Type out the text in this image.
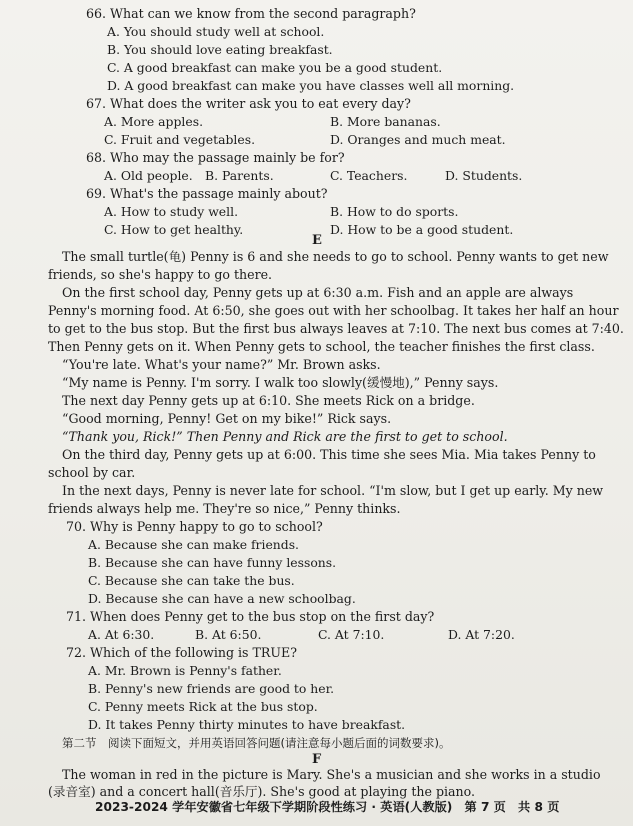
66. What can we know from the second paragraph?
A. You should study well at school.
B. You should love eating breakfast.
C. A good breakfast can make you be a good student.
D. A good breakfast can make you have classes well all morning.
67. What does the writer ask you to eat every day?
A. More apples.	B. More bananas.
C. Fruit and vegetables.	D. Oranges and much meat.
68. Who may the passage mainly be for?
A. Old people. B. Parents.	C. Teachers.	D. Students.
69. What's the passage mainly about?
A. How to study well.	B. How to do sports.
C. How to get healthy.	D. How to be a good student.
E
The small turtle(龟) Penny is 6 and she needs to go to school. Penny wants to get new
friends, so she's happy to go there.
On the first school day, Penny gets up at 6:30 a.m. Fish and an apple are always
Penny's morning food. At 6:50, she goes out with her schoolbag. It takes her half an hour
to get to the bus stop. But the first bus always leaves at 7:10. The next bus comes at 7:40.
Then Penny gets on it. When Penny gets to school, the teacher finishes the first class.
“You're late. What's your name?” Mr. Brown asks.
“My name is Penny. I'm sorry. I walk too slowly(缓慢地),” Penny says.
The next day Penny gets up at 6:10. She meets Rick on a bridge.
“Good morning, Penny! Get on my bike!” Rick says.
“Thank you, Rick!” Then Penny and Rick are the first to get to school.
On the third day, Penny gets up at 6:00. This time she sees Mia. Mia takes Penny to
school by car.
In the next days, Penny is never late for school. “I'm slow, but I get up early. My new
friends always help me. They're so nice,” Penny thinks.
70. Why is Penny happy to go to school?
A. Because she can make friends.
B. Because she can have funny lessons.
C. Because she can take the bus.
D. Because she can have a new schoolbag.
71. When does Penny get to the bus stop on the first day?
A. At 6:30.	B. At 6:50.	C. At 7:10.	D. At 7:20.
72. Which of the following is TRUE?
A. Mr. Brown is Penny's father.
B. Penny's new friends are good to her.
C. Penny meets Rick at the bus stop.
D. It takes Penny thirty minutes to have breakfast.
第二节　阅读下面短文，并用英语回答问题(请注意每小题后面的词数要求)。
F
The woman in red in the picture is Mary. She's a musician and she works in a studio
(录音室) and a concert hall(音乐厅). She's good at playing the piano.
2023-2024 学年安徽省七年级下学期阶段性练习 · 英语(人教版)　第 7 页　共 8 页
